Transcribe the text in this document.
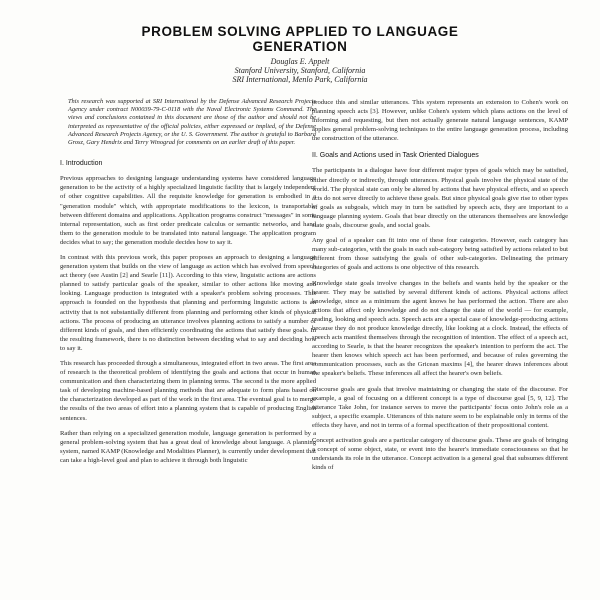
PROBLEM SOLVING APPLIED TO LANGUAGE
GENERATION
Douglas E. Appelt
Stanford University, Stanford, California
SRI International, Menlo Park, California

This research was supported at SRI International by the Defense Advanced Research Projects Agency under contract N00039-79-C-0118 with the Naval Electronic Systems Command. The views and conclusions contained in this document are those of the author and should not be interpreted as representative of the official policies, either expressed or implied, of the Defense Advanced Research Projects Agency, or the U. S. Government. The author is grateful to Barbara Grosz, Gary Hendrix and Terry Winograd for comments on an earlier draft of this paper.

I. Introduction

Previous approaches to designing language understanding systems have considered language generation to be the activity of a highly specialized linguistic facility that is largely independent of other cognitive capabilities. All the requisite knowledge for generation is embodied in a "generation module" which, with appropriate modifications to the lexicon, is transportable between different domains and applications. Application programs construct "messages" in some internal representation, such as first order predicate calculus or semantic networks, and hand them to the generation module to be translated into natural language. The application program decides what to say; the generation module decides how to say it.

In contrast with this previous work, this paper proposes an approach to designing a language generation system that builds on the view of language as action which has evolved from speech act theory (see Austin [2] and Searle [11]). According to this view, linguistic actions are actions planned to satisfy particular goals of the speaker, similar to other actions like moving and looking. Language production is integrated with a speaker's problem solving processes. This approach is founded on the hypothesis that planning and performing linguistic actions is an activity that is not substantially different from planning and performing other kinds of physical actions. The process of producing an utterance involves planning actions to satisfy a number of different kinds of goals, and then efficiently coordinating the actions that satisfy these goals. In the resulting framework, there is no distinction between deciding what to say and deciding how to say it.

This research has proceeded through a simultaneous, integrated effort in two areas. The first area of research is the theoretical problem of identifying the goals and actions that occur in human communication and then characterizing them in planning terms. The second is the more applied task of developing machine-based planning methods that are adequate to form plans based on the characterization developed as part of the work in the first area. The eventual goal is to merge the results of the two areas of effort into a planning system that is capable of producing English sentences.

Rather than relying on a specialized generation module, language generation is performed by a general problem-solving system that has a great deal of knowledge about language. A planning system, named KAMP (Knowledge and Modalities Planner), is currently under development that can take a high-level goal and plan to achieve it through both linguistic

produce this and similar utterances. This system represents an extension to Cohen's work on planning speech acts [3]. However, unlike Cohen's system which plans actions on the level of informing and requesting, but then not actually generate natural language sentences, KAMP applies general problem-solving techniques to the entire language generation process, including the construction of the utterance.

II. Goals and Actions used in Task Oriented Dialogues

The participants in a dialogue have four different major types of goals which may be satisfied, either directly or indirectly, through utterances. Physical goals involve the physical state of the world. The physical state can only be altered by actions that have physical effects, and so speech acts do not serve directly to achieve these goals. But since physical goals give rise to other types of goals as subgoals, which may in turn be satisfied by speech acts, they are important to a language planning system. Goals that bear directly on the utterances themselves are knowledge state goals, discourse goals, and social goals.

Any goal of a speaker can fit into one of these four categories. However, each category has many sub-categories, with the goals in each sub-category being satisfied by actions related to but different from those satisfying the goals of other sub-categories. Delineating the primary categories of goals and actions is one objective of this research.

Knowledge state goals involve changes in the beliefs and wants held by the speaker or the hearer. They may be satisfied by several different kinds of actions. Physical actions affect knowledge, since as a minimum the agent knows he has performed the action. There are also actions that affect only knowledge and do not change the state of the world — for example, reading, looking and speech acts. Speech acts are a special case of knowledge-producing actions because they do not produce knowledge directly, like looking at a clock. Instead, the effects of speech acts manifest themselves through the recognition of intention. The effect of a speech act, according to Searle, is that the hearer recognizes the speaker's intention to perform the act. The hearer then knows which speech act has been performed, and because of rules governing the communication processes, such as the Gricean maxims [4], the hearer draws inferences about the speaker's beliefs. These inferences all affect the hearer's own beliefs.

Discourse goals are goals that involve maintaining or changing the state of the discourse. For example, a goal of focusing on a different concept is a type of discourse goal [5, 9, 12]. The utterance Take John, for instance serves to move the participants' focus onto John's role as a subject, a specific example. Utterances of this nature seem to be explainable only in terms of the effects they have, and not in terms of a formal specification of their propositional content.

Concept activation goals are a particular category of discourse goals. These are goals of bringing a concept of some object, state, or event into the hearer's immediate consciousness so that he understands its role in the utterance. Concept activation is a general goal that subsumes different kinds of
